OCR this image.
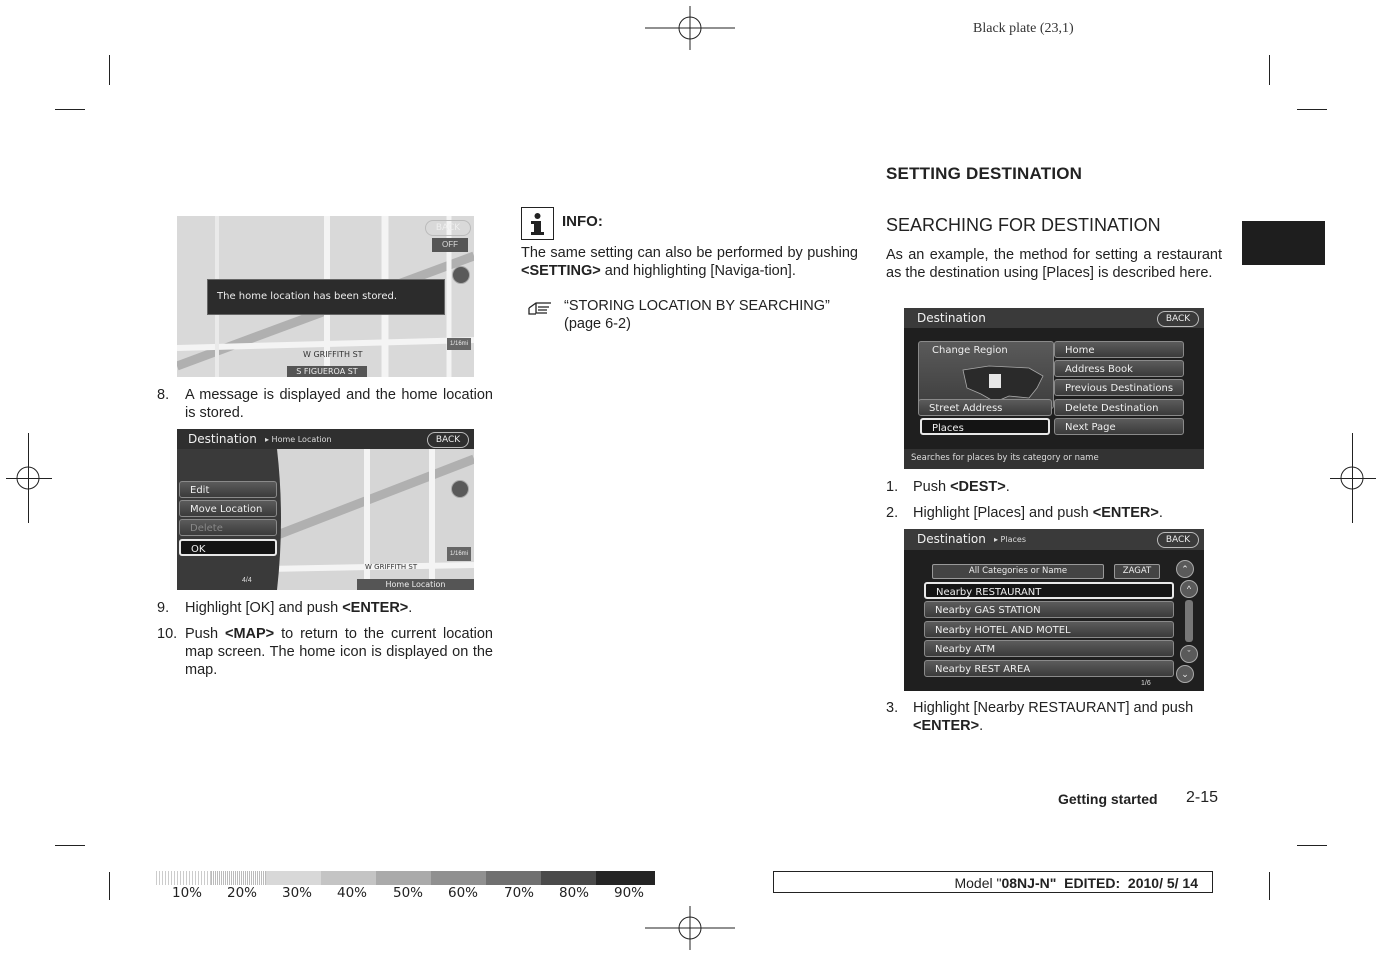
Black plate (23,1)
BACK
OFF
The home location has been stored.
W GRIFFITH ST
S FIGUEROA ST
1/16mi
8. A message is displayed and the home location is stored.
Destination ▸ Home Location	BACK
Edit
Move Location
Delete
OK
4/4
W GRIFFITH ST
1/16mi
Home Location
9. Highlight [OK] and push <ENTER>.
10. Push <MAP> to return to the current location map screen. The home icon is displayed on the map.
INFO:
The same setting can also be performed by pushing <SETTING> and highlighting [Naviga-tion].
“STORING LOCATION BY SEARCHING” (page 6-2)
SETTING DESTINATION
SEARCHING FOR DESTINATION
As an example, the method for setting a restaurant as the destination using [Places] is described here.
Destination	BACK
Change Region
Street Address
Places
Home
Address Book
Previous Destinations
Delete Destination
Next Page
Searches for places by its category or name
1. Push <DEST>.
2. Highlight [Places] and push <ENTER>.
Destination ▸ Places	BACK
All Categories or Name	ZAGAT
Nearby RESTAURANT
Nearby GAS STATION
Nearby HOTEL AND MOTEL
Nearby ATM
Nearby REST AREA
⌃
^
ˇ
⌄
1/6
3. Highlight [Nearby RESTAURANT] and push <ENTER>.
Getting started 2-15
10% 20% 30% 40% 50% 60% 70% 80% 90%
Model "08NJ-N"  EDITED:  2010/ 5/ 14
